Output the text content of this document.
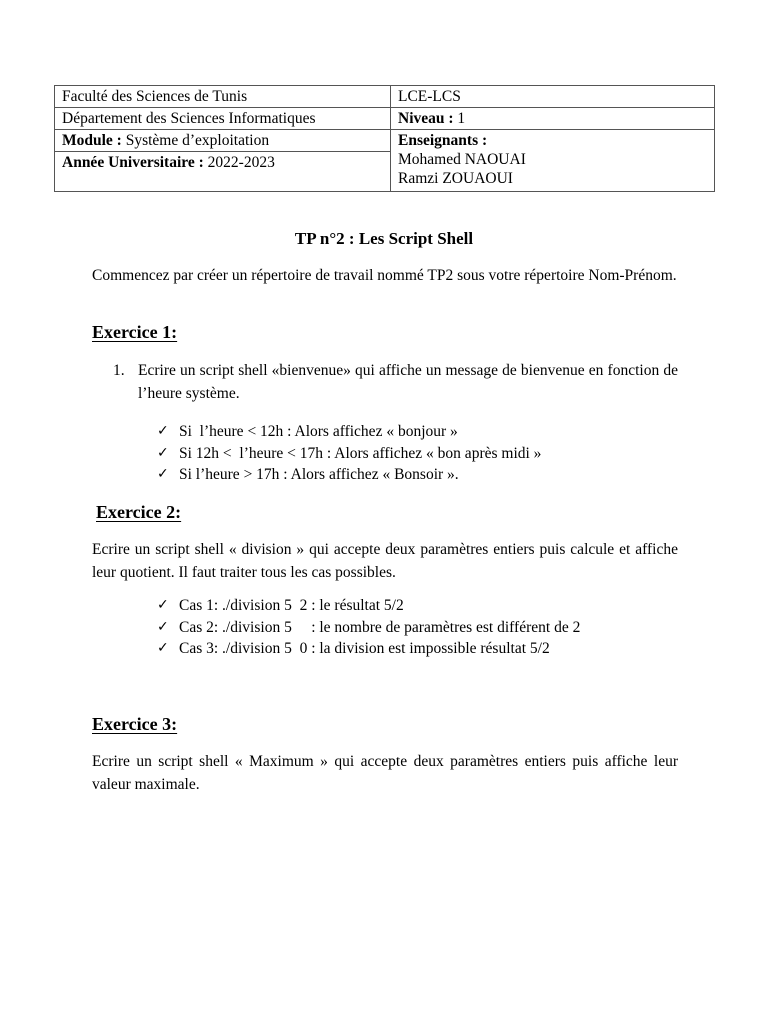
Faculté des Sciences de Tunis	LCE-LCS
Département des Sciences Informatiques	Niveau : 1
Module : Système d’exploitation	Enseignants :
Mohamed NAOUAI
Ramzi ZOUAOUI

Année Universitaire : 2022-2023	
TP n°2 : Les Script Shell
Commencez par créer un répertoire de travail nommé TP2 sous votre répertoire Nom-Prénom.
Exercice 1:
1. Ecrire un script shell «bienvenue» qui affiche un message de bienvenue en fonction de l’heure système.
✓ Si  l’heure < 12h : Alors affichez « bonjour »
✓ Si 12h <  l’heure < 17h : Alors affichez « bon après midi »
✓ Si l’heure > 17h : Alors affichez « Bonsoir ».
Exercice 2:
Ecrire un script shell « division » qui accepte deux paramètres entiers puis calcule et affiche leur quotient. Il faut traiter tous les cas possibles.
✓ Cas 1: ./division 5  2 : le résultat 5/2
✓ Cas 2: ./division 5     : le nombre de paramètres est différent de 2
✓ Cas 3: ./division 5  0 : la division est impossible résultat 5/2
Exercice 3:
Ecrire un script shell « Maximum » qui accepte deux paramètres entiers puis affiche leur valeur maximale.
